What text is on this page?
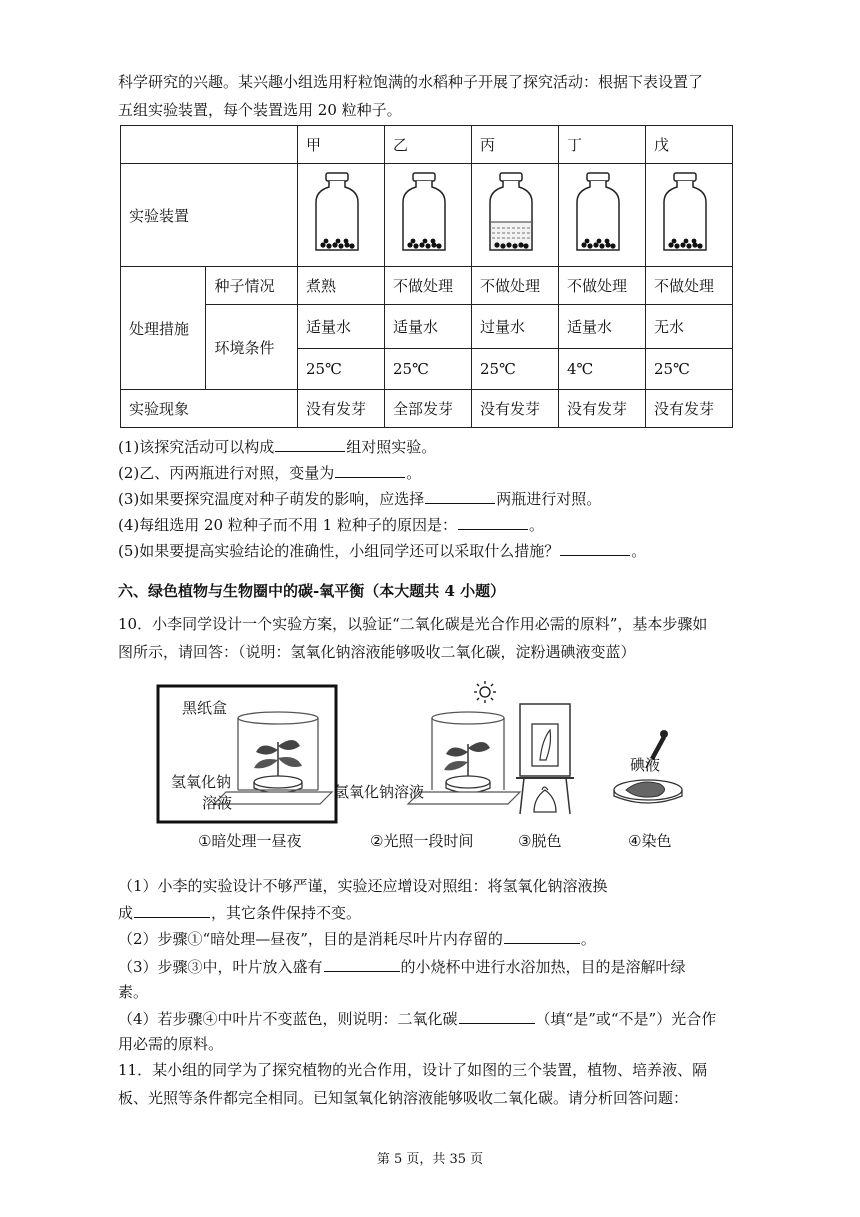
科学研究的兴趣。某兴趣小组选用籽粒饱满的水稻种子开展了探究活动：根据下表设置了
五组实验装置，每个装置选用 20 粒种子。
		甲	乙	丙	丁	戊
实验装置					
处理措施	种子情况	煮熟	不做处理	不做处理	不做处理	不做处理
	环境条件	适量水	适量水	过量水	适量水	无水
		25℃	25℃	25℃	4℃	25℃
实验现象		没有发芽	全部发芽	没有发芽	没有发芽	没有发芽
(1)该探究活动可以构成	组对照实验。
(2)乙、丙两瓶进行对照，变量为	。
(3)如果要探究温度对种子萌发的影响，应选择	两瓶进行对照。
(4)每组选用 20 粒种子而不用 1 粒种子的原因是：	。
(5)如果要提高实验结论的准确性，小组同学还可以采取什么措施？	。
六、绿色植物与生物圈中的碳-氧平衡（本大题共 4 小题）
10．小李同学设计一个实验方案，以验证“二氧化碳是光合作用必需的原料”，基本步骤如
图所示，请回答：（说明：氢氧化钠溶液能够吸收二氧化碳，淀粉遇碘液变蓝）
黑纸盒
氢氧化钠
溶液
氢氧化钠溶液
碘液
①暗处理一昼夜	②光照一段时间	③脱色	④染色
（1）小李的实验设计不够严谨，实验还应增设对照组：将氢氧化钠溶液换
成	，其它条件保持不变。
（2）步骤①“暗处理—昼夜”，目的是消耗尽叶片内存留的	。
（3）步骤③中，叶片放入盛有	的小烧杯中进行水浴加热，目的是溶解叶绿
素。
（4）若步骤④中叶片不变蓝色，则说明：二氧化碳	（填“是”或“不是”）光合作
用必需的原料。
11．某小组的同学为了探究植物的光合作用，设计了如图的三个装置，植物、培养液、隔
板、光照等条件都完全相同。已知氢氧化钠溶液能够吸收二氧化碳。请分析回答问题：
第 5 页，共 35 页
